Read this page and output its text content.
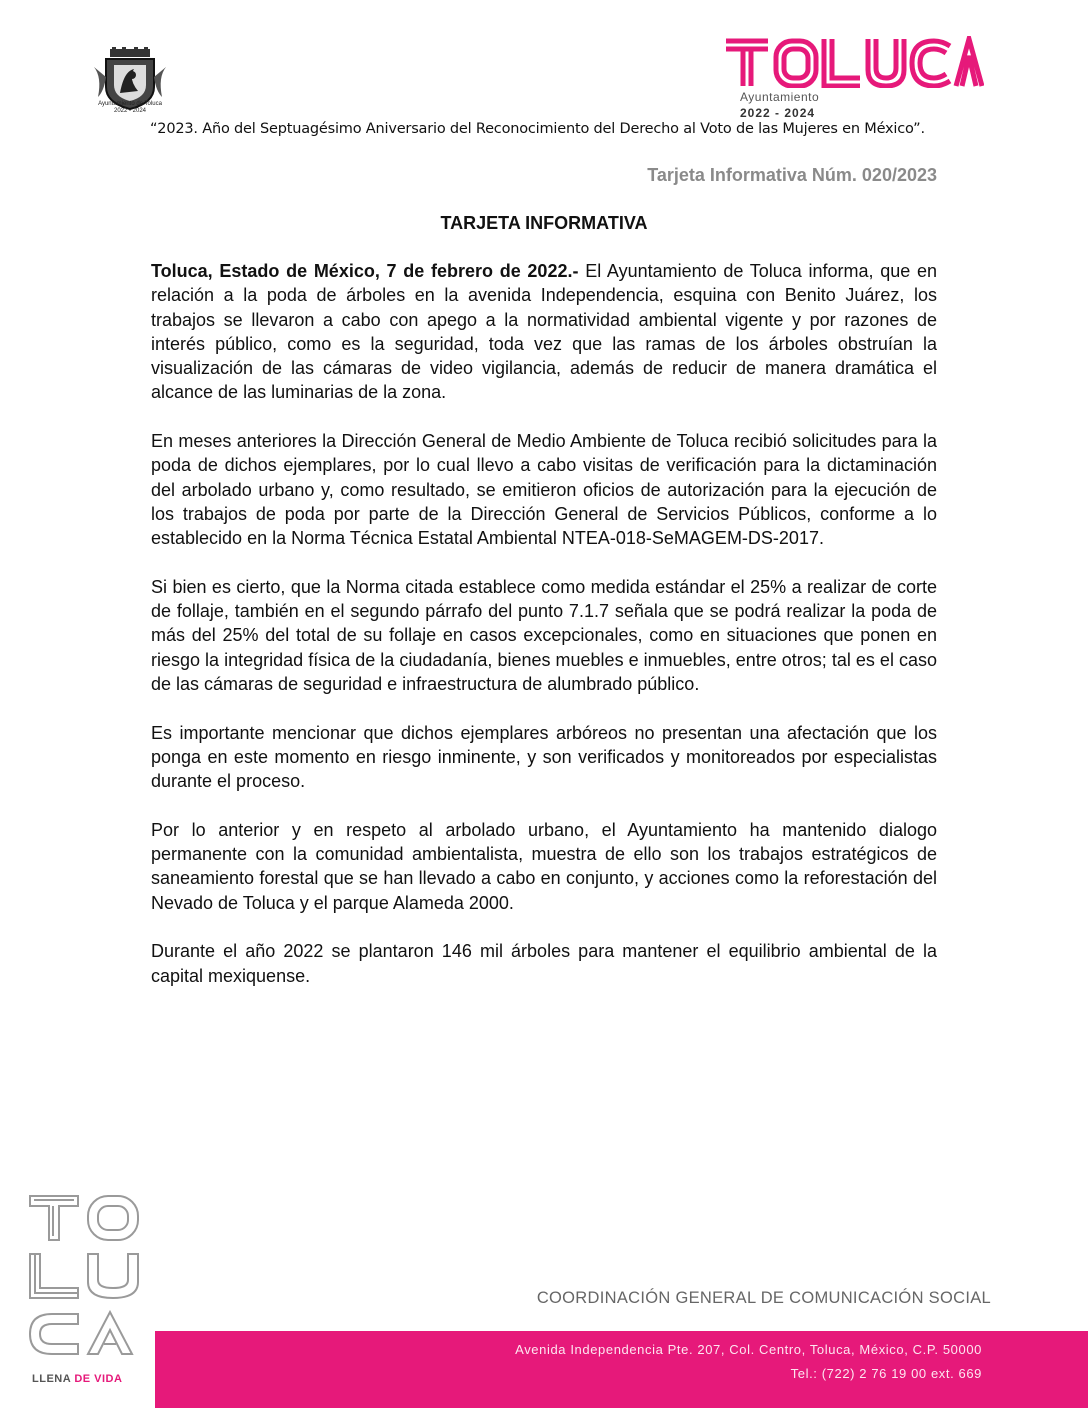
Ayuntamiento de Toluca
2022 - 2024
Ayuntamiento
2022 - 2024
“2023. Año del Septuagésimo Aniversario del Reconocimiento del Derecho al Voto de las Mujeres en México”.
Tarjeta Informativa Núm. 020/2023
TARJETA INFORMATIVA

Toluca, Estado de México, 7 de febrero de 2022.- El Ayuntamiento de Toluca informa, que en relación a la poda de árboles en la avenida Independencia, esquina con Benito Juárez, los trabajos se llevaron a cabo con apego a la normatividad ambiental vigente y por razones de interés público, como es la seguridad, toda vez que las ramas de los árboles obstruían la visualización de las cámaras de video vigilancia, además de reducir de manera dramática el alcance de las luminarias de la zona.

En meses anteriores la Dirección General de Medio Ambiente de Toluca recibió solicitudes para la poda de dichos ejemplares, por lo cual llevo a cabo visitas de verificación para la dictaminación del arbolado urbano y, como resultado, se emitieron oficios de autorización para la ejecución de los trabajos de poda por parte de la Dirección General de Servicios Públicos, conforme a lo establecido en la Norma Técnica Estatal Ambiental NTEA-018-SeMAGEM-DS-2017.

Si bien es cierto, que la Norma citada establece como medida estándar el 25% a realizar de corte de follaje, también en el segundo párrafo del punto 7.1.7 señala que se podrá realizar la poda de más del 25% del total de su follaje en casos excepcionales, como en situaciones que ponen en riesgo la integridad física de la ciudadanía, bienes muebles e inmuebles, entre otros; tal es el caso de las cámaras de seguridad e infraestructura de alumbrado público.

Es importante mencionar que dichos ejemplares arbóreos no presentan una afectación que los ponga en este momento en riesgo inminente, y son verificados y monitoreados por especialistas durante el proceso.

Por lo anterior y en respeto al arbolado urbano, el Ayuntamiento ha mantenido dialogo permanente con la comunidad ambientalista, muestra de ello son los trabajos estratégicos de saneamiento forestal que se han llevado a cabo en conjunto, y acciones como la reforestación del Nevado de Toluca y el parque Alameda 2000.

Durante el año 2022 se plantaron 146 mil árboles para mantener el equilibrio ambiental de la capital mexiquense.

LLENA DE VIDA
COORDINACIÓN GENERAL DE COMUNICACIÓN SOCIAL
Avenida Independencia Pte. 207, Col. Centro, Toluca, México, C.P. 50000
Tel.: (722) 2 76 19 00 ext. 669
